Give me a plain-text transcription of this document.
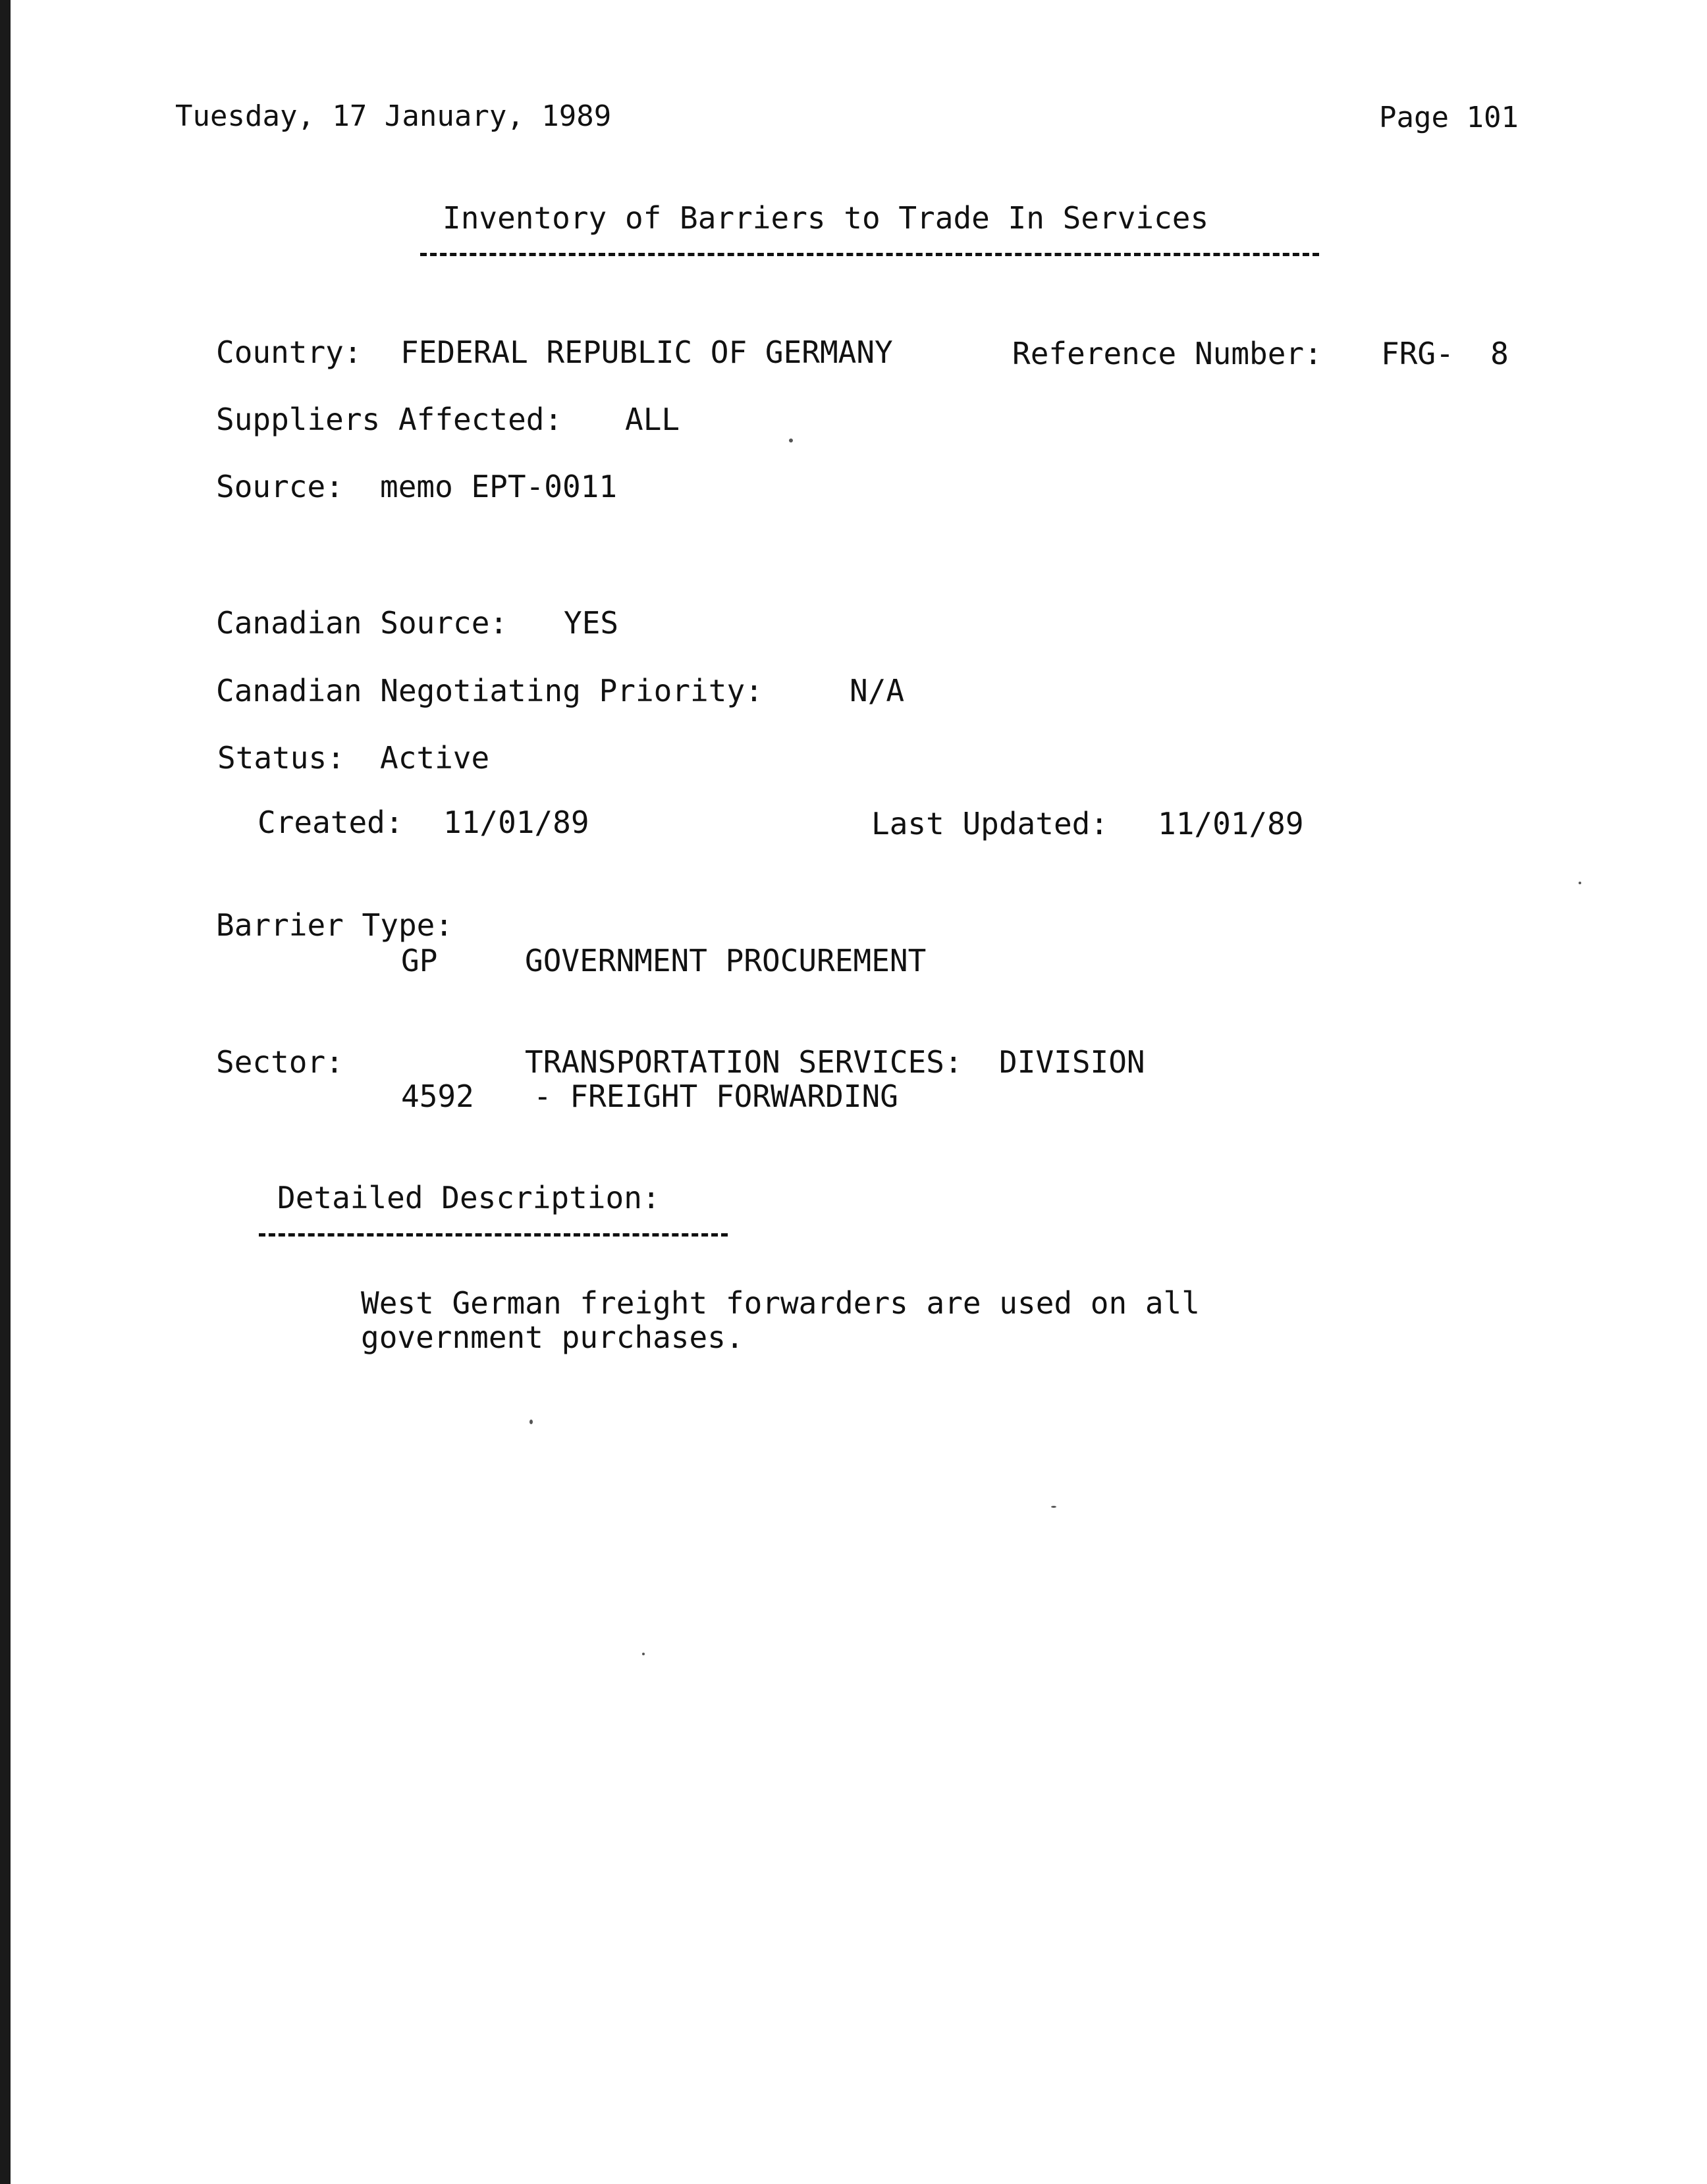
Tuesday, 17 January, 1989	Page 101
Inventory of Barriers to Trade In Services
Country: FEDERAL REPUBLIC OF GERMANY	Reference Number: FRG-  8
Suppliers Affected: ALL
Source: memo EPT-0011
Canadian Source: YES
Canadian Negotiating Priority:	N/A
Status: Active
Created: 11/01/89	Last Updated: 11/01/89
Barrier Type:
GP	GOVERNMENT PROCUREMENT
Sector:	TRANSPORTATION SERVICES:  DIVISION
4592 - FREIGHT FORWARDING
Detailed Description:
West German freight forwarders are used on all
government purchases.
